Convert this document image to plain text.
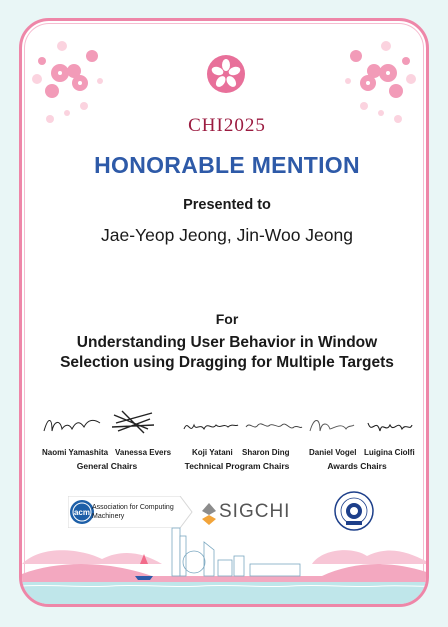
CHI2025
HONORABLE MENTION
Presented to
Jae-Yeop Jeong, Jin-Woo Jeong
For
Understanding User Behavior in Window Selection using Dragging for Multiple Targets
Naomi Yamashita Vanessa Evers	Koji Yatani Sharon Ding Daniel Vogel Luigina Ciolfi
General Chairs	Technical Program Chairs	Awards Chairs
acm
Association for Computing Machinery	SIGCHI
